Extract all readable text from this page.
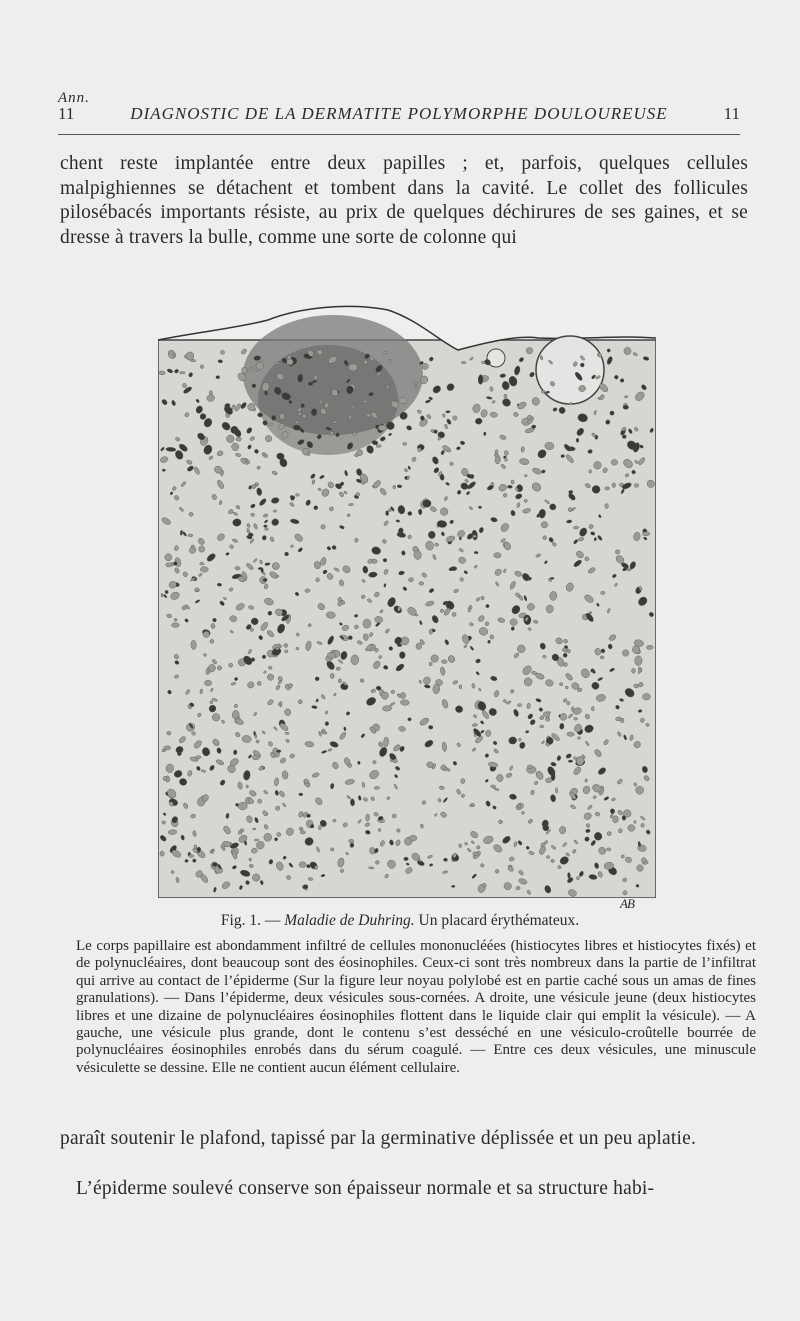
Ann.
11	DIAGNOSTIC DE LA DERMATITE POLYMORPHE DOULOUREUSE	11
chent reste implantée entre deux papilles ; et, parfois, quelques cellules malpighiennes se détachent et tombent dans la cavité. Le collet des follicules pilosébacés importants résiste, au prix de quelques déchirures de ses gaines, et se dresse à travers la bulle, comme une sorte de colonne qui
AB
Fig. 1. — Maladie de Duhring. Un placard érythémateux.
Le corps papillaire est abondamment infiltré de cellules mononucléées (histiocytes libres et histiocytes fixés) et de polynucléaires, dont beaucoup sont des éosinophiles. Ceux-ci sont très nombreux dans la partie de l’infiltrat qui arrive au contact de l’épiderme (Sur la figure leur noyau polylobé est en partie caché sous un amas de fines granulations). — Dans l’épiderme, deux vésicules sous-cornées. A droite, une vésicule jeune (deux histiocytes libres et une dizaine de polynucléaires éosinophiles flottent dans le liquide clair qui emplit la vésicule). — A gauche, une vésicule plus grande, dont le contenu s’est desséché en une vésiculo-croûtelle bourrée de polynucléaires éosinophiles enrobés dans du sérum coagulé. — Entre ces deux vésicules, une minuscule vésiculette se dessine. Elle ne contient aucun élément cellulaire.
paraît soutenir le plafond, tapissé par la germinative déplissée et un peu aplatie.
L’épiderme soulevé conserve son épaisseur normale et sa structure habi-
